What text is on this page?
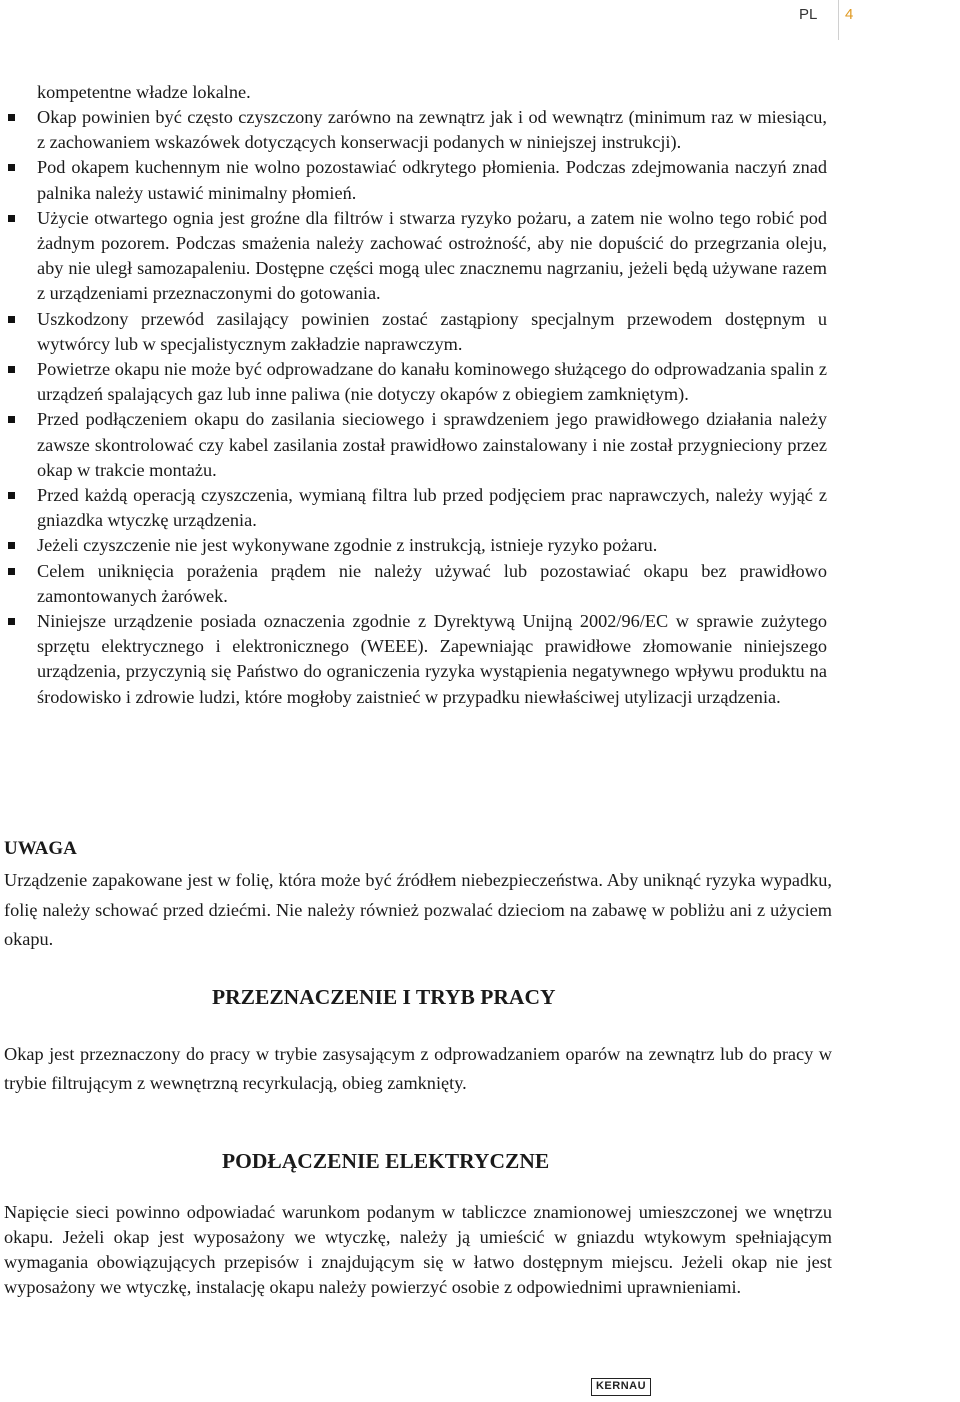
PL 4

kompetentne władze lokalne.

Okap powinien być często czyszczony zarówno na zewnątrz jak i od wewnątrz (minimum raz w miesiącu, z zachowaniem wskazówek dotyczących konserwacji podanych w niniejszej instrukcji).
Pod okapem kuchennym nie wolno pozostawiać odkrytego płomienia. Podczas zdejmowania naczyń znad palnika należy ustawić minimalny płomień.
Użycie otwartego ognia jest groźne dla filtrów i stwarza ryzyko pożaru, a zatem nie wolno tego robić pod żadnym pozorem. Podczas smażenia należy zachować ostrożność, aby nie dopuścić do przegrzania oleju, aby nie uległ samozapaleniu. Dostępne części mogą ulec znacznemu nagrzaniu, jeżeli będą używane razem z urządzeniami przeznaczonymi do gotowania.
Uszkodzony przewód zasilający powinien zostać zastąpiony specjalnym przewodem dostępnym u wytwórcy lub w specjalistycznym zakładzie naprawczym.
Powietrze okapu nie może być odprowadzane do kanału kominowego służącego do odprowadzania spalin z urządzeń spalających gaz lub inne paliwa (nie dotyczy okapów z obiegiem zamkniętym).
Przed podłączeniem okapu do zasilania sieciowego i sprawdzeniem jego prawidłowego działania należy zawsze skontrolować czy kabel zasilania został prawidłowo zainstalowany i nie został przygnieciony przez okap w trakcie montażu.
Przed każdą operacją czyszczenia, wymianą filtra lub przed podjęciem prac naprawczych, należy wyjąć z gniazdka wtyczkę urządzenia.
Jeżeli czyszczenie nie jest wykonywane zgodnie z instrukcją, istnieje ryzyko pożaru.
Celem uniknięcia porażenia prądem nie należy używać lub pozostawiać okapu bez prawidłowo zamontowanych żarówek.
Niniejsze urządzenie posiada oznaczenia zgodnie z Dyrektywą Unijną 2002/96/EC w sprawie zużytego sprzętu elektrycznego i elektronicznego (WEEE). Zapewniając prawidłowe złomowanie niniejszego urządzenia, przyczynią się Państwo do ograniczenia ryzyka wystąpienia negatywnego wpływu produktu na środowisko i zdrowie ludzi, które mogłoby zaistnieć w przypadku niewłaściwej utylizacji urządzenia.
UWAGA

Urządzenie zapakowane jest w folię, która może być źródłem niebezpieczeństwa. Aby uniknąć ryzyka wypadku, folię należy schować przed dziećmi. Nie należy również pozwalać dzieciom na zabawę w pobliżu ani z użyciem okapu.

PRZEZNACZENIE I TRYB PRACY

Okap jest przeznaczony do pracy w trybie zasysającym z odprowadzaniem oparów na zewnątrz lub do pracy w trybie filtrującym z wewnętrzną recyrkulacją, obieg zamknięty.

PODŁĄCZENIE ELEKTRYCZNE

Napięcie sieci powinno odpowiadać warunkom podanym w tabliczce znamionowej umieszczonej we wnętrzu okapu. Jeżeli okap jest wyposażony we wtyczkę, należy ją umieścić w gniazdu wtykowym spełniającym wymagania obowiązujących przepisów i znajdującym się w łatwo dostępnym miejscu. Jeżeli okap nie jest wyposażony we wtyczkę, instalację okapu należy powierzyć osobie z odpowiednimi uprawnieniami.

KERNAU
